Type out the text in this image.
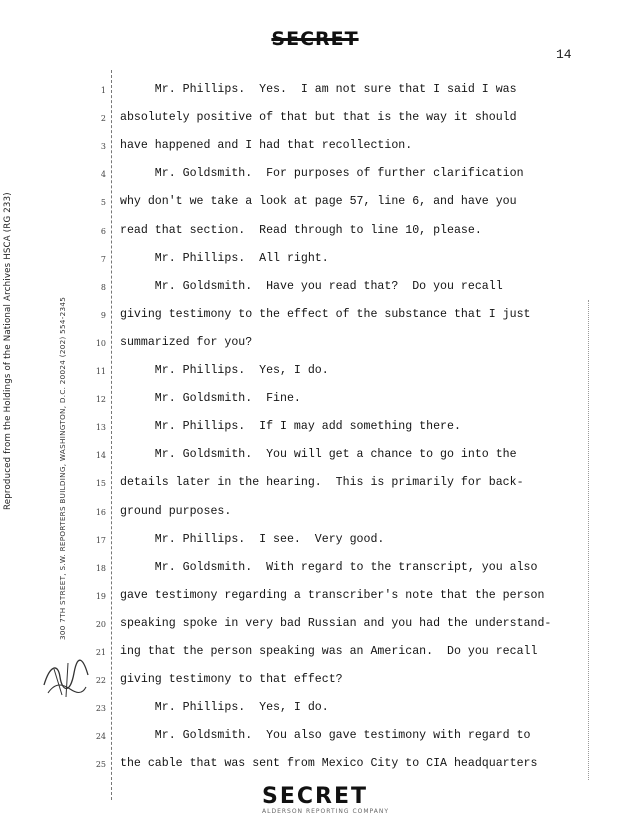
SECRET
14
Reproduced from the Holdings of the National Archives HSCA (RG 233)	300 7TH STREET, S.W. REPORTERS BUILDING, WASHINGTON, D.C. 20024 (202) 554-2345
1 Mr. Phillips.  Yes.  I am not sure that I said I was
2 absolutely positive of that but that is the way it should
3 have happened and I had that recollection.
4 Mr. Goldsmith.  For purposes of further clarification
5 why don't we take a look at page 57, line 6, and have you
6 read that section.  Read through to line 10, please.
7 Mr. Phillips.  All right.
8 Mr. Goldsmith.  Have you read that?  Do you recall
9 giving testimony to the effect of the substance that I just
10 summarized for you?
11 Mr. Phillips.  Yes, I do.
12 Mr. Goldsmith.  Fine.
13 Mr. Phillips.  If I may add something there.
14 Mr. Goldsmith.  You will get a chance to go into the
15 details later in the hearing.  This is primarily for back-
16 ground purposes.
17 Mr. Phillips.  I see.  Very good.
18 Mr. Goldsmith.  With regard to the transcript, you also
19 gave testimony regarding a transcriber's note that the person
20 speaking spoke in very bad Russian and you had the understand-
21 ing that the person speaking was an American.  Do you recall
22 giving testimony to that effect?
23 Mr. Phillips.  Yes, I do.
24 Mr. Goldsmith.  You also gave testimony with regard to
25 the cable that was sent from Mexico City to CIA headquarters
SECRET
ALDERSON REPORTING COMPANY
